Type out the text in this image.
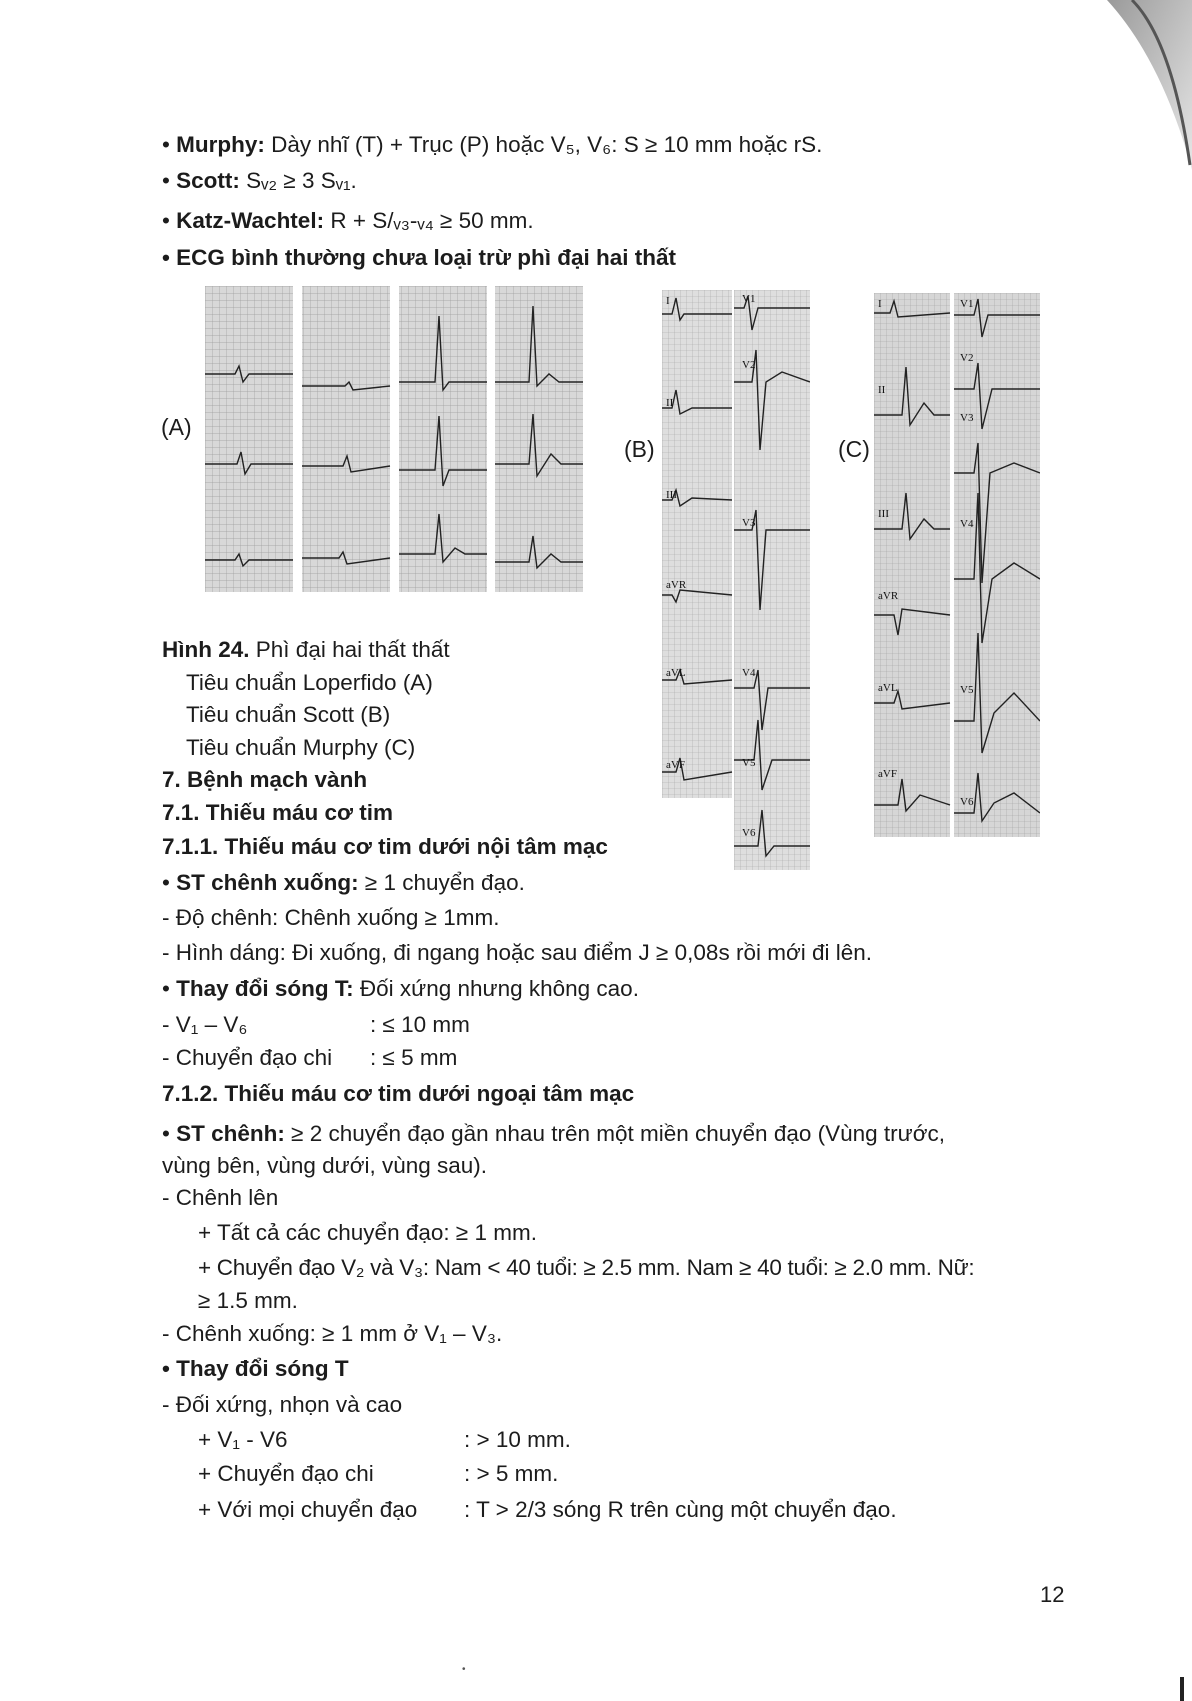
• Murphy: Dày nhĩ (T) + Trục (P) hoặc V₅, V₆: S ≥ 10 mm hoặc rS.
• Scott: Sᵥ₂ ≥ 3 Sᵥ₁.
• Katz-Wachtel: R + S/ᵥ₃-ᵥ₄ ≥ 50 mm.
• ECG bình thường chưa loại trừ phì đại hai thất
(A)
(B)
I	V1
V2
II
III
V3
aVR
aVL	V4
aVF	V5
V6
(C)
I	V1
V2
II
V3
III
V4
aVR
aVL	V5
aVF
V6
Hình 24. Phì đại hai thất thất
Tiêu chuẩn Loperfido (A)
Tiêu chuẩn Scott (B)
Tiêu chuẩn Murphy (C)
7. Bệnh mạch vành
7.1. Thiếu máu cơ tim
7.1.1. Thiếu máu cơ tim dưới nội tâm mạc
• ST chênh xuống: ≥ 1 chuyển đạo.
- Độ chênh: Chênh xuống ≥ 1mm.
- Hình dáng: Đi xuống, đi ngang hoặc sau điểm J ≥ 0,08s rồi mới đi lên.
• Thay đổi sóng T: Đối xứng nhưng không cao.
- V₁ – V₆	: ≤ 10 mm
- Chuyển đạo chi : ≤ 5 mm
7.1.2. Thiếu máu cơ tim dưới ngoại tâm mạc
• ST chênh: ≥ 2 chuyển đạo gần nhau trên một miền chuyển đạo (Vùng trước,
vùng bên, vùng dưới, vùng sau).
- Chênh lên
+ Tất cả các chuyển đạo: ≥ 1 mm.
+ Chuyển đạo V₂ và V₃: Nam < 40 tuổi: ≥ 2.5 mm. Nam ≥ 40 tuổi: ≥ 2.0 mm. Nữ:
≥ 1.5 mm.
- Chênh xuống: ≥ 1 mm ở V₁ – V₃.
• Thay đổi sóng T
- Đối xứng, nhọn và cao
+ V₁ - V6	: > 10 mm.
+ Chuyển đạo chi	: > 5 mm.
+ Với mọi chuyển đạo : T > 2/3 sóng R trên cùng một chuyển đạo.
12
•
